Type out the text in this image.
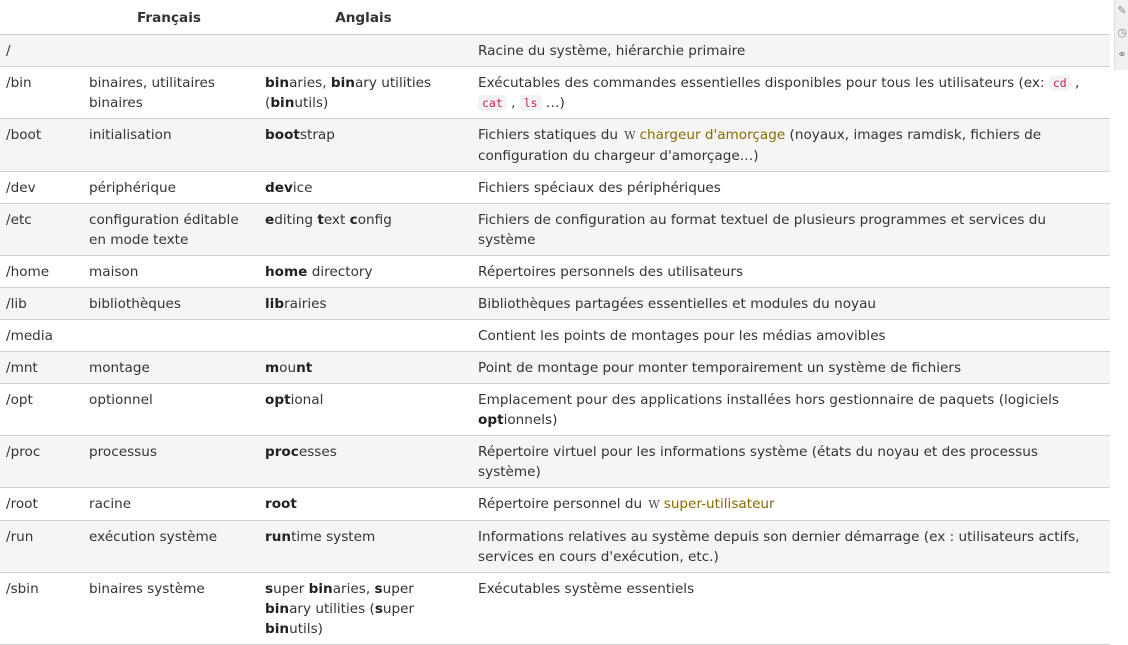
	Français	Anglais	
/			Racine du système, hiérarchie primaire
/bin	binaires, utilitaires binaires	binaries, binary utilities (binutils)	Exécutables des commandes essentielles disponibles pour tous les utilisateurs (ex: cd , cat , ls …)
/boot	initialisation	bootstrap	Fichiers statiques du W chargeur d'amorçage (noyaux, images ramdisk, fichiers de configuration du chargeur d'amorçage…)
/dev	périphérique	device	Fichiers spéciaux des périphériques
/etc	configuration éditable en mode texte	editing text config	Fichiers de configuration au format textuel de plusieurs programmes et services du système
/home	maison	home directory	Répertoires personnels des utilisateurs
/lib	bibliothèques	librairies	Bibliothèques partagées essentielles et modules du noyau
/media			Contient les points de montages pour les médias amovibles
/mnt	montage	mount	Point de montage pour monter temporairement un système de fichiers
/opt	optionnel	optional	Emplacement pour des applications installées hors gestionnaire de paquets (logiciels optionnels)
/proc	processus	processes	Répertoire virtuel pour les informations système (états du noyau et des processus système)
/root	racine	root	Répertoire personnel du W super-utilisateur
/run	exécution système	runtime system	Informations relatives au système depuis son dernier démarrage (ex : utilisateurs actifs, services en cours d'exécution, etc.)
/sbin	binaires système	super binaries, super binary utilities (super binutils)	Exécutables système essentiels
✎
◷
⚭
